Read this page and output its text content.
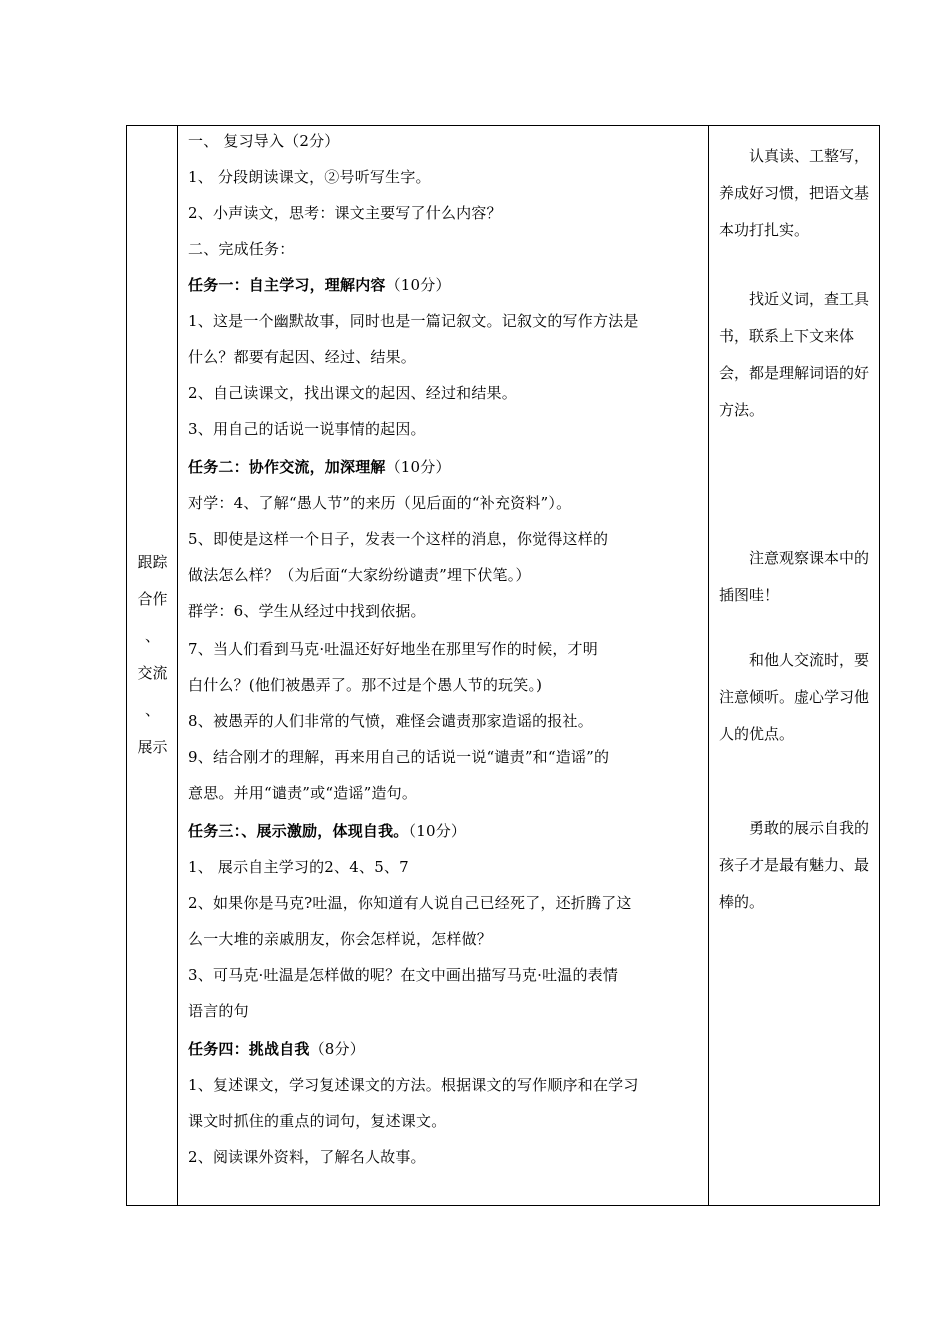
跟踪
合作
、
交流
、
展示
一、 复习导入（2分）
1、 分段朗读课文，②号听写生字。
2、小声读文，思考：课文主要写了什么内容？
二、完成任务：
任务一：自主学习，理解内容（10分）
1、这是一个幽默故事，同时也是一篇记叙文。记叙文的写作方法是
什么？都要有起因、经过、结果。
2、自己读课文，找出课文的起因、经过和结果。
3、用自己的话说一说事情的起因。
任务二：协作交流，加深理解（10分）
对学：4、了解“愚人节”的来历（见后面的“补充资料”）。
5、即使是这样一个日子，发表一个这样的消息，你觉得这样的
做法怎么样？（为后面“大家纷纷谴责”埋下伏笔。）
群学：6、学生从经过中找到依据。
7、当人们看到马克·吐温还好好地坐在那里写作的时候，才明
白什么？(他们被愚弄了。那不过是个愚人节的玩笑。)
8、被愚弄的人们非常的气愤，难怪会谴责那家造谣的报社。
9、结合刚才的理解，再来用自己的话说一说“谴责”和“造谣”的
意思。并用“谴责”或“造谣”造句。
任务三：、展示激励，体现自我。（10分）
1、 展示自主学习的2、4、5、7
2、如果你是马克?吐温，你知道有人说自己已经死了，还折腾了这
么一大堆的亲戚朋友，你会怎样说，怎样做？
3、可马克·吐温是怎样做的呢？在文中画出描写马克·吐温的表情
语言的句
任务四：挑战自我（8分）
1、复述课文，学习复述课文的方法。根据课文的写作顺序和在学习
课文时抓住的重点的词句，复述课文。
2、阅读课外资料，了解名人故事。
认真读、工整写，养成好习惯，把语文基本功打扎实。
找近义词，查工具书，联系上下文来体会，都是理解词语的好方法。
注意观察课本中的插图哇！
和他人交流时，要注意倾听。虚心学习他人的优点。
勇敢的展示自我的孩子才是最有魅力、最棒的。
